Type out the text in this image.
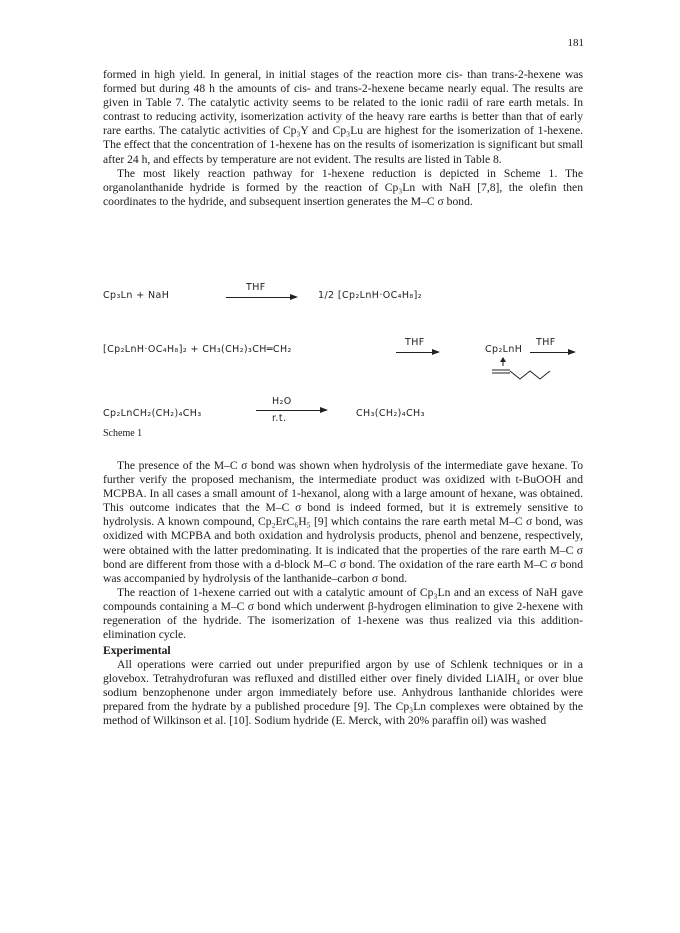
181

formed in high yield. In general, in initial stages of the reaction more cis- than trans-2-hexene was formed but during 48 h the amounts of cis- and trans-2-hexene became nearly equal. The results are given in Table 7. The catalytic activity seems to be related to the ionic radii of rare earth metals. In contrast to reducing activity, isomerization activity of the heavy rare earths is better than that of early rare earths. The catalytic activities of Cp₃Y and Cp₃Lu are highest for the isomerization of 1-hexene. The effect that the concentration of 1-hexene has on the results of isomerization is significant but small after 24 h, and effects by temperature are not evident. The results are listed in Table 8.

The most likely reaction pathway for 1-hexene reduction is depicted in Scheme 1. The organolanthanide hydride is formed by the reaction of Cp₃Ln with NaH [7,8], the olefin then coordinates to the hydride, and subsequent insertion generates the M–C σ bond.

Cp₃Ln + NaH
THF
1/2 [Cp₂LnH·OC₄H₈]₂
[Cp₂LnH·OC₄H₈]₂ + CH₃(CH₂)₃CH═CH₂
THF
Cp₂LnH
THF
Cp₂LnCH₂(CH₂)₄CH₃
H₂O
r.t.	CH₃(CH₂)₄CH₃
Scheme 1

The presence of the M–C σ bond was shown when hydrolysis of the intermediate gave hexane. To further verify the proposed mechanism, the intermediate product was oxidized with t-BuOOH and MCPBA. In all cases a small amount of 1-hexanol, along with a large amount of hexane, was obtained. This outcome indicates that the M–C σ bond is indeed formed, but it is extremely sensitive to hydrolysis. A known compound, Cp₂ErC₆H₅ [9] which contains the rare earth metal M–C σ bond, was oxidized with MCPBA and both oxidation and hydrolysis products, phenol and benzene, respectively, were obtained with the latter predominating. It is indicated that the properties of the rare earth M–C σ bond are different from those with a d-block M–C σ bond. The oxidation of the rare earth M–C σ bond was accompanied by hydrolysis of the lanthanide–carbon σ bond.

The reaction of 1-hexene carried out with a catalytic amount of Cp₃Ln and an excess of NaH gave compounds containing a M–C σ bond which underwent β-hydrogen elimination to give 2-hexene with regeneration of the hydride. The isomerization of 1-hexene was thus realized via this addition-elimination cycle.

Experimental

All operations were carried out under prepurified argon by use of Schlenk techniques or in a glovebox. Tetrahydrofuran was refluxed and distilled either over finely divided LiAlH₄ or over blue sodium benzophenone under argon immediately before use. Anhydrous lanthanide chlorides were prepared from the hydrate by a published procedure [9]. The Cp₃Ln complexes were obtained by the method of Wilkinson et al. [10]. Sodium hydride (E. Merck, with 20% paraffin oil) was washed
